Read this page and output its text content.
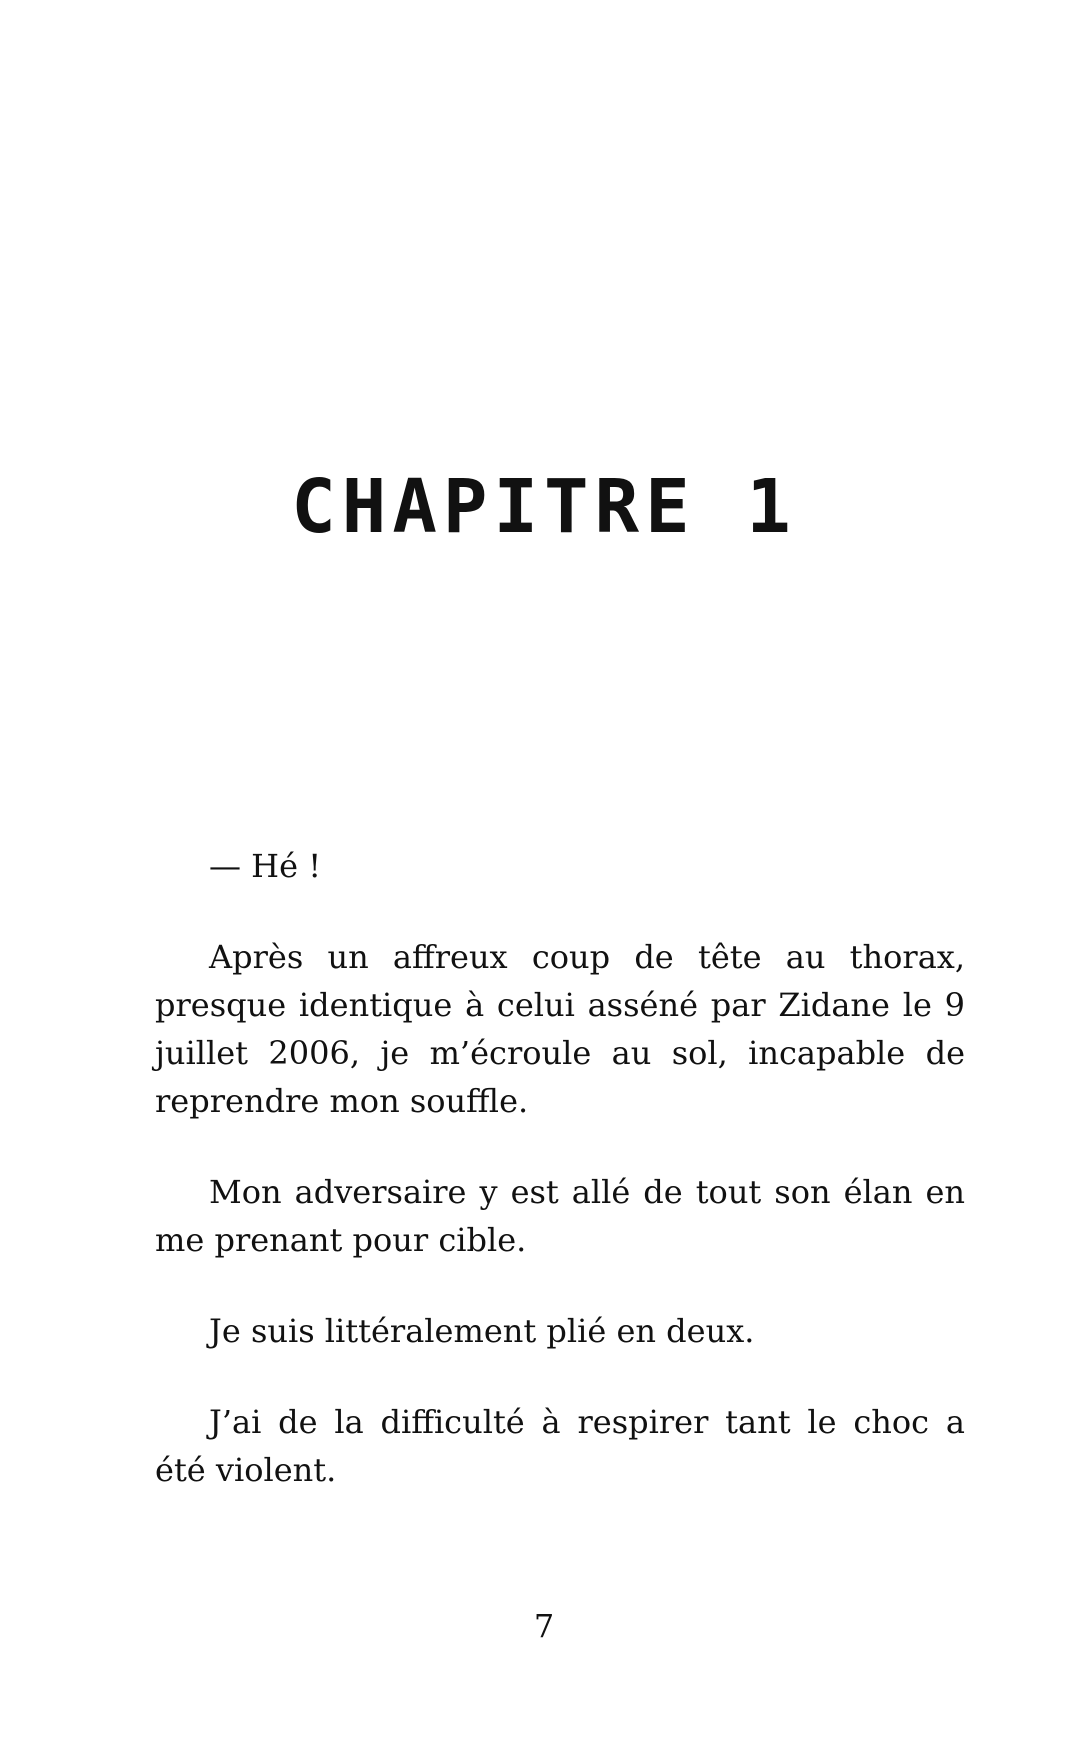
CHAPITRE 1

— Hé !

Après un affreux coup de tête au thorax, presque identique à celui asséné par Zidane le 9 juillet 2006, je m’écroule au sol, incapable de reprendre mon souffle.

Mon adversaire y est allé de tout son élan en me prenant pour cible.

Je suis littéralement plié en deux.

J’ai de la difficulté à respirer tant le choc a été violent.

7
